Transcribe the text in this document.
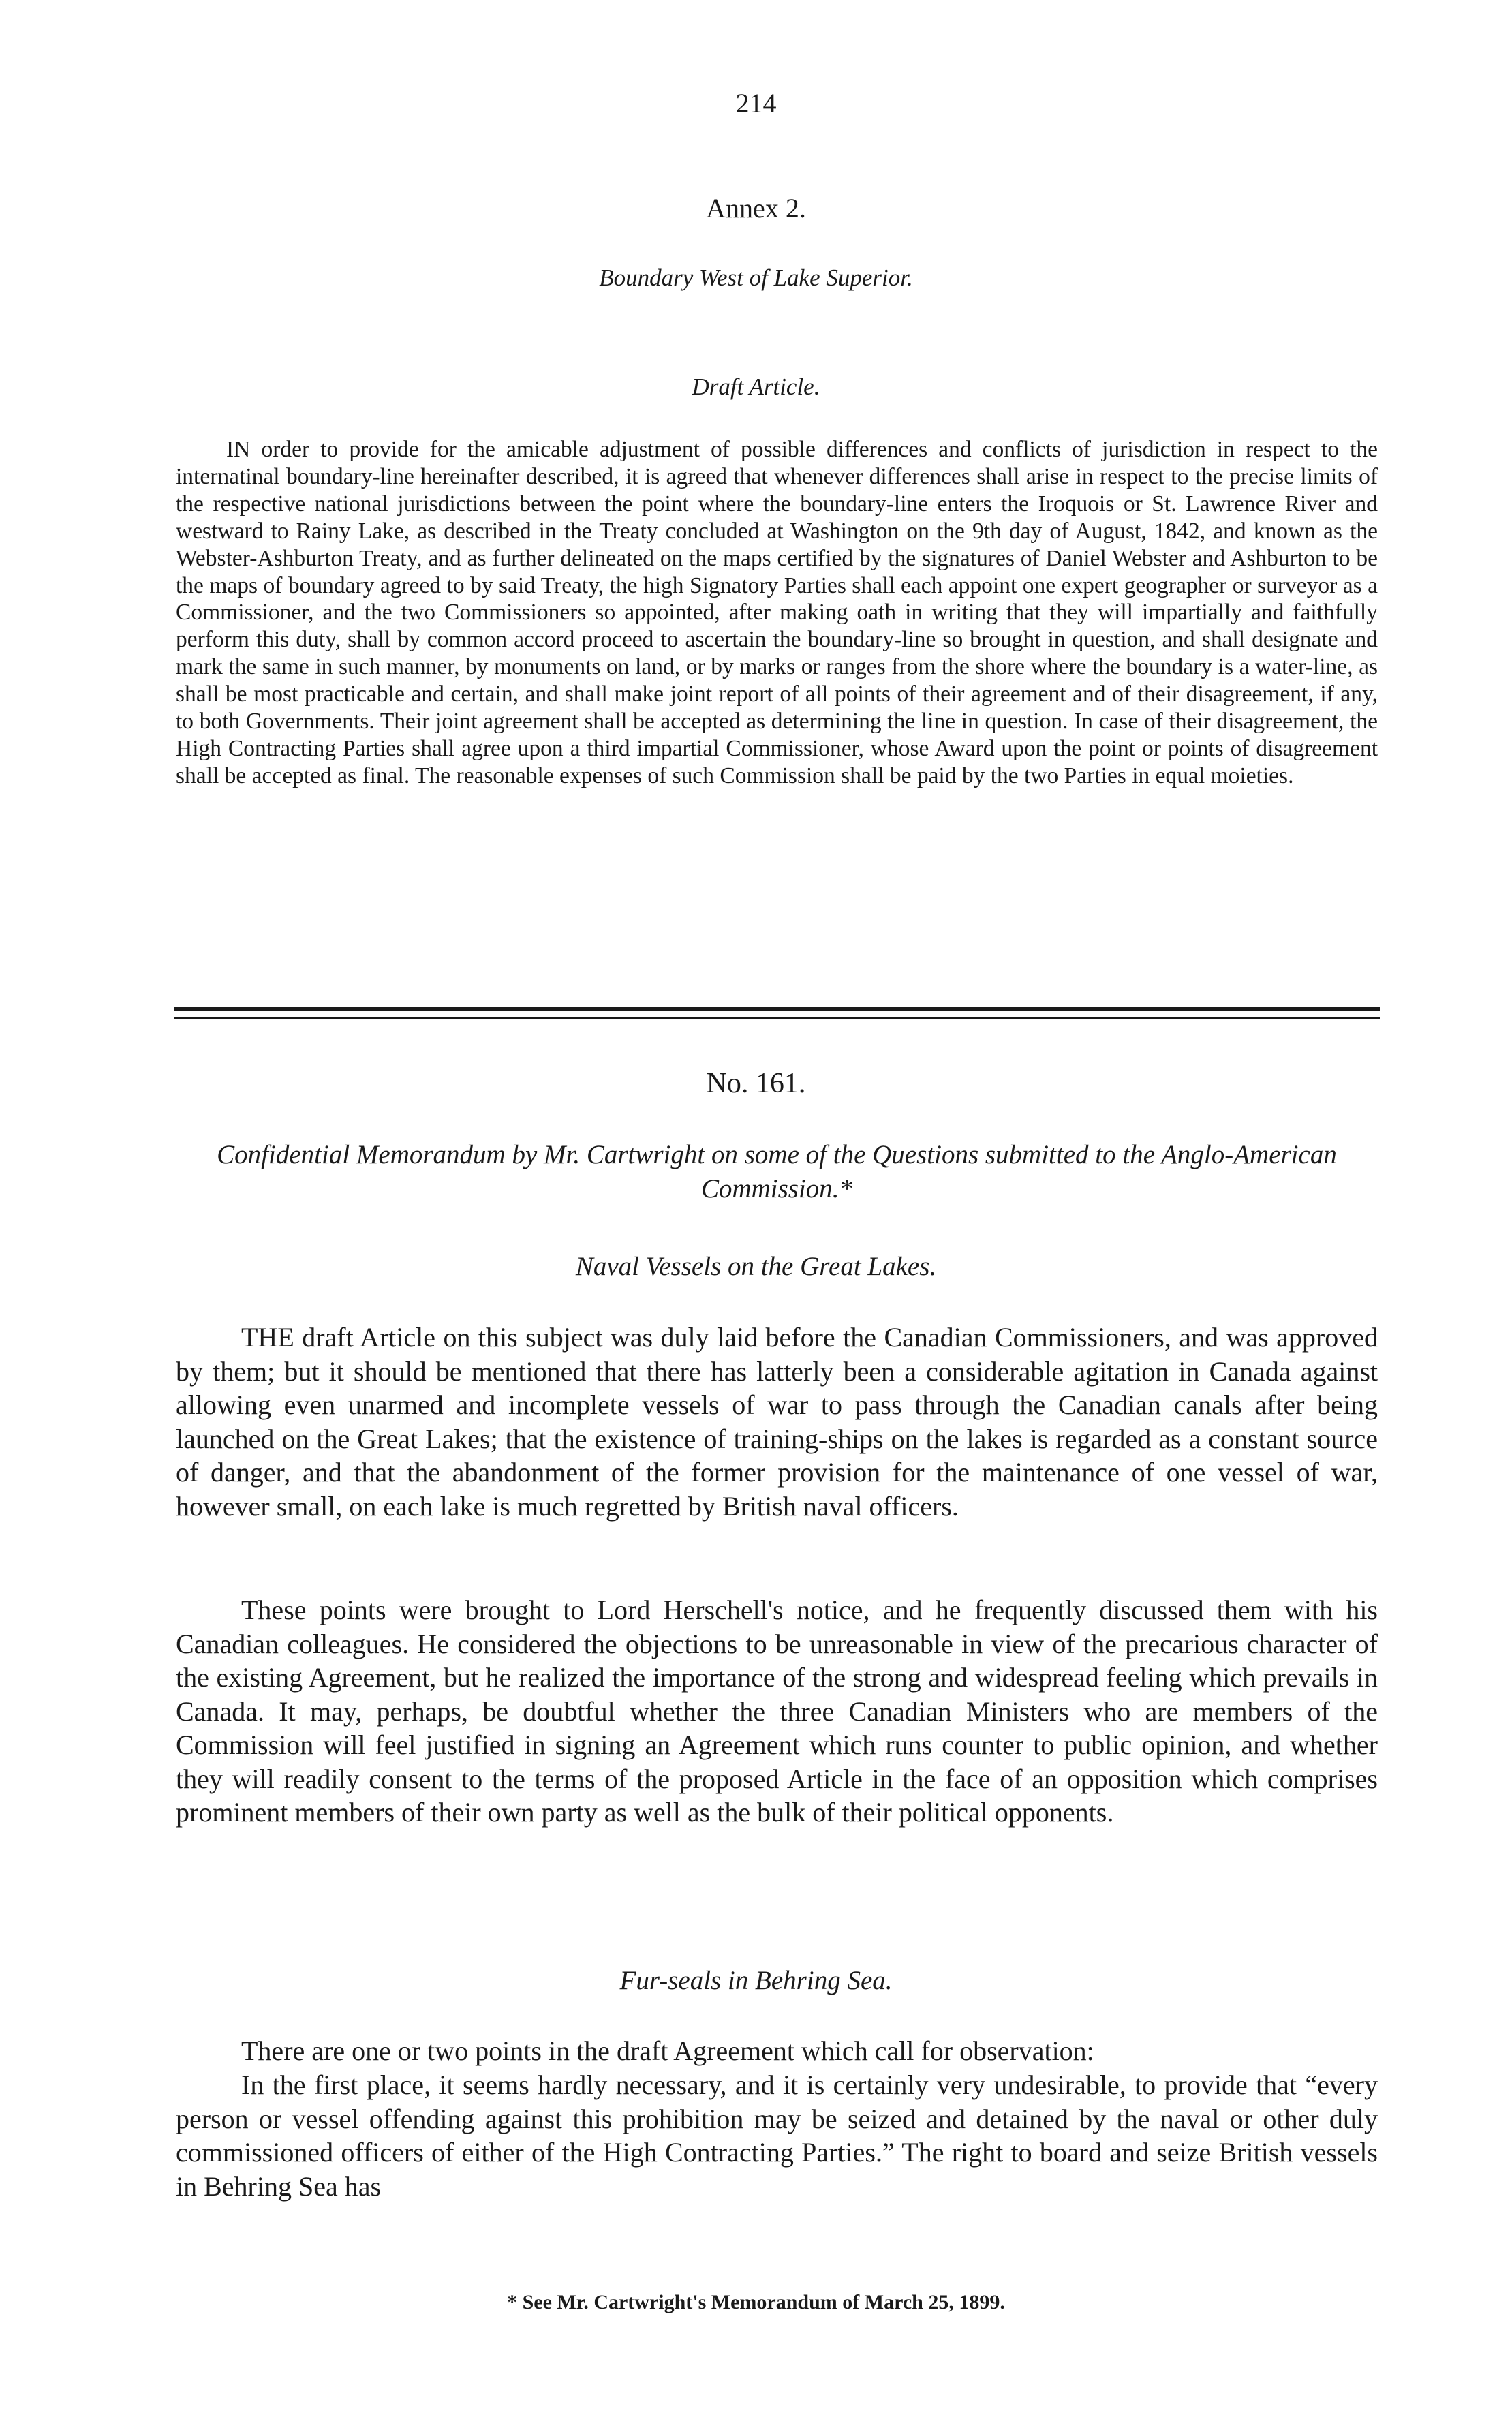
214
Annex 2.
Boundary West of Lake Superior.
Draft Article.
IN order to provide for the amicable adjustment of possible differences and conflicts of jurisdiction in respect to the internatinal boundary-line hereinafter described, it is agreed that whenever differences shall arise in respect to the precise limits of the respective national jurisdictions between the point where the boundary-line enters the Iroquois or St. Lawrence River and westward to Rainy Lake, as described in the Treaty concluded at Washington on the 9th day of August, 1842, and known as the Webster-Ashburton Treaty, and as further delineated on the maps certified by the signatures of Daniel Webster and Ashburton to be the maps of boundary agreed to by said Treaty, the high Signatory Parties shall each appoint one expert geographer or surveyor as a Commissioner, and the two Commissioners so appointed, after making oath in writing that they will impartially and faithfully perform this duty, shall by common accord proceed to ascertain the boundary-line so brought in question, and shall designate and mark the same in such manner, by monuments on land, or by marks or ranges from the shore where the boundary is a water-line, as shall be most practicable and certain, and shall make joint report of all points of their agreement and of their disagreement, if any, to both Governments. Their joint agreement shall be accepted as determining the line in question. In case of their disagreement, the High Contracting Parties shall agree upon a third impartial Commissioner, whose Award upon the point or points of disagreement shall be accepted as final. The reasonable expenses of such Commission shall be paid by the two Parties in equal moieties.
No. 161.
Confidential Memorandum by Mr. Cartwright on some of the Questions submitted to the Anglo-American Commission.*
Naval Vessels on the Great Lakes.
THE draft Article on this subject was duly laid before the Canadian Commissioners, and was approved by them; but it should be mentioned that there has latterly been a considerable agitation in Canada against allowing even unarmed and incomplete vessels of war to pass through the Canadian canals after being launched on the Great Lakes; that the existence of training-ships on the lakes is regarded as a constant source of danger, and that the abandonment of the former provision for the maintenance of one vessel of war, however small, on each lake is much regretted by British naval officers.
These points were brought to Lord Herschell's notice, and he frequently discussed them with his Canadian colleagues. He considered the objections to be unreasonable in view of the precarious character of the existing Agreement, but he realized the importance of the strong and widespread feeling which prevails in Canada. It may, perhaps, be doubtful whether the three Canadian Ministers who are members of the Commission will feel justified in signing an Agreement which runs counter to public opinion, and whether they will readily consent to the terms of the proposed Article in the face of an opposition which comprises prominent members of their own party as well as the bulk of their political opponents.
Fur-seals in Behring Sea.
There are one or two points in the draft Agreement which call for observation:
In the first place, it seems hardly necessary, and it is certainly very undesirable, to provide that “every person or vessel offending against this prohibition may be seized and detained by the naval or other duly commissioned officers of either of the High Contracting Parties.” The right to board and seize British vessels in Behring Sea has
* See Mr. Cartwright's Memorandum of March 25, 1899.
